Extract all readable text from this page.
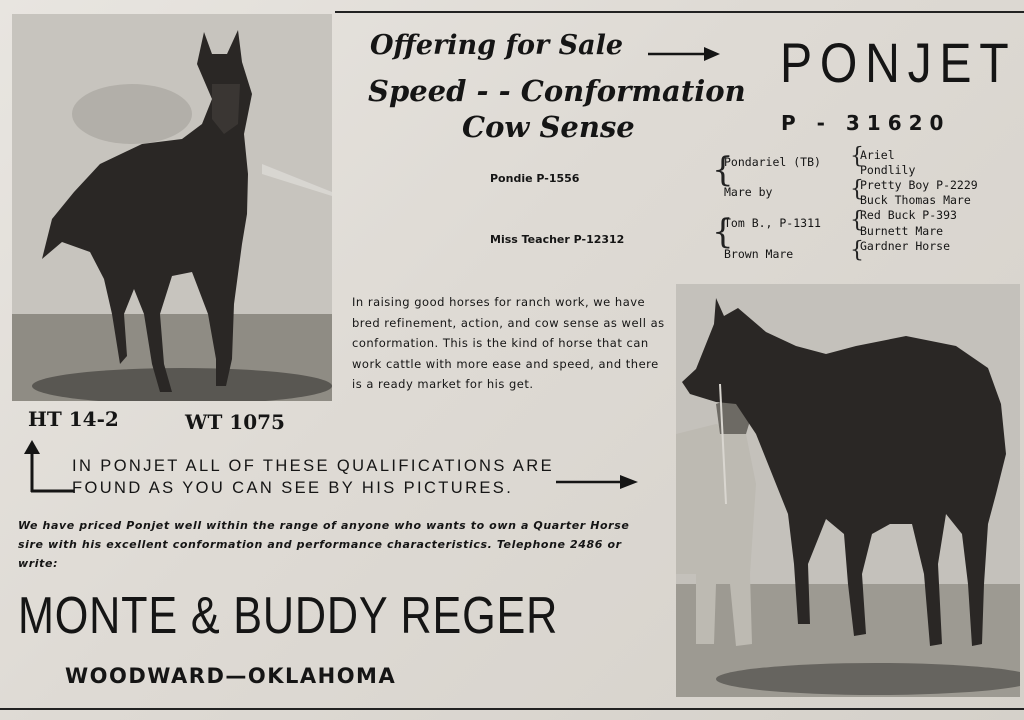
Offering for Sale
Speed - - Conformation
Cow Sense
PONJET
P - 31620
Pondie P-1556
Miss Teacher P-12312
{
Pondariel (TB)
Mare by
{
Tom B., P-1311
Brown Mare
{
{
{
{
Ariel
Pondlily
Pretty Boy P-2229
Buck Thomas Mare
Red Buck P-393
Burnett Mare
Gardner Horse
In raising good horses for ranch work, we have bred refinement, action, and cow sense as well as conformation. This is the kind of horse that can work cattle with more ease and speed, and there is a ready market for his get.
HT 14-2	WT 1075
IN PONJET ALL OF THESE QUALIFICATIONS ARE
FOUND AS YOU CAN SEE BY HIS PICTURES.
We have priced Ponjet well within the range of anyone who wants to own a Quarter Horse sire with his excellent conformation and performance characteristics. Telephone 2486 or write:
MONTE & BUDDY REGER
WOODWARD—OKLAHOMA
